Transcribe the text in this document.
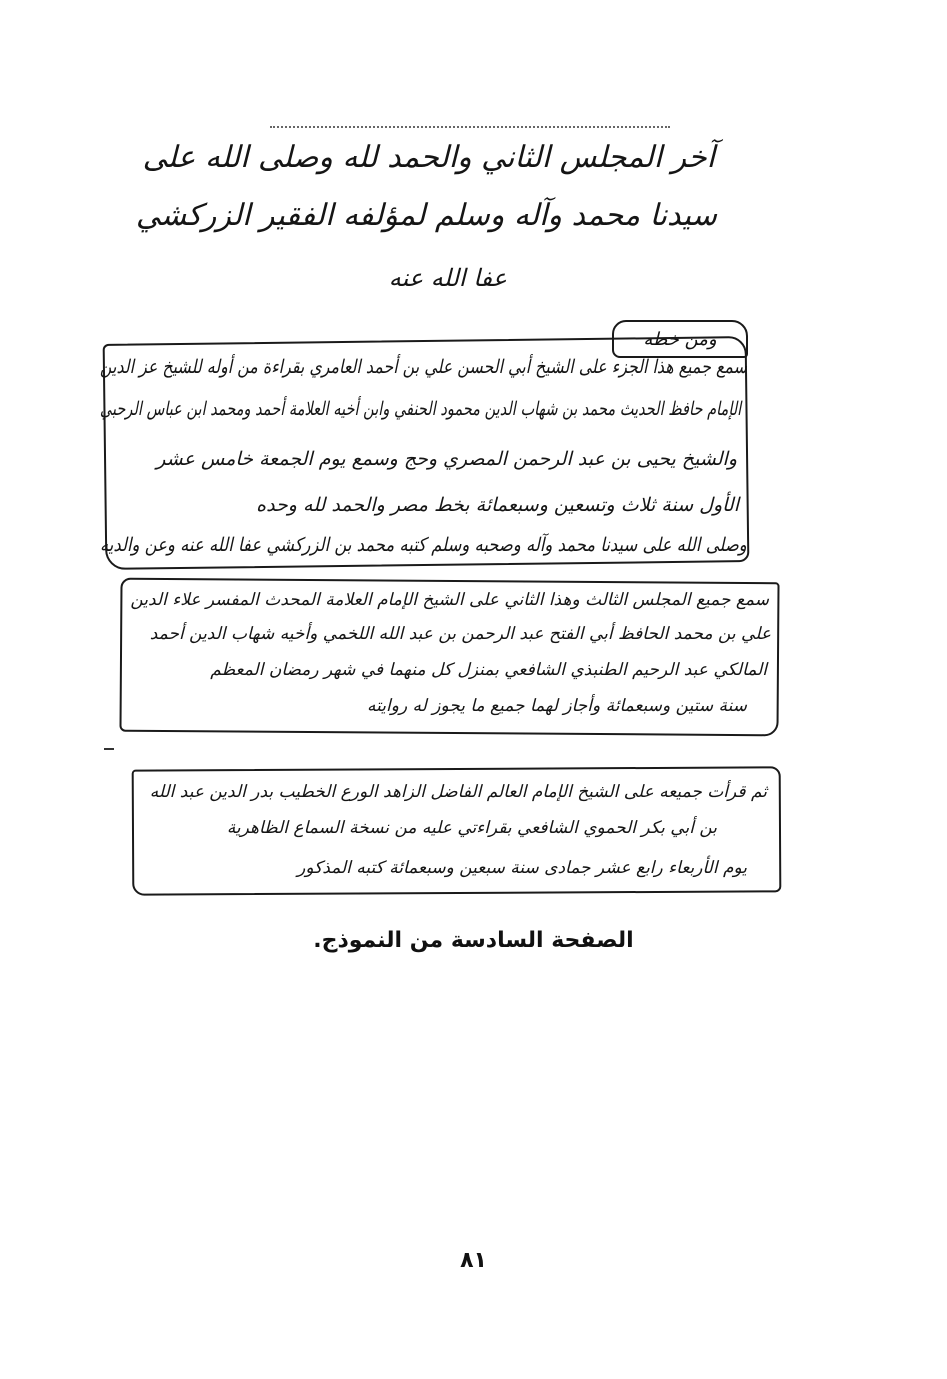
آخر المجلس الثاني والحمد لله وصلى الله على
سيدنا محمد وآله وسلم لمؤلفه الفقير الزركشي
عفا الله عنه
ومن خطه
سمع جميع هذا الجزء على الشيخ أبي الحسن علي بن أحمد العامري بقراءة من أوله للشيخ عز الدين
الإمام حافظ الحديث محمد بن شهاب الدين محمود الحنفي وابن أخيه العلامة أحمد ومحمد ابن عباس الرحبي
والشيخ يحيى بن عبد الرحمن المصري وحج وسمع يوم الجمعة خامس عشر
الأول سنة ثلاث وتسعين وسبعمائة بخط مصر والحمد لله وحده
وصلى الله على سيدنا محمد وآله وصحبه وسلم كتبه محمد بن الزركشي عفا الله عنه وعن والديه
سمع جميع المجلس الثالث وهذا الثاني على الشيخ الإمام العلامة المحدث المفسر علاء الدين
علي بن محمد الحافظ أبي الفتح عبد الرحمن بن عبد الله اللخمي وأخيه شهاب الدين أحمد
المالكي عبد الرحيم الطنبذي الشافعي بمنزل كل منهما في شهر رمضان المعظم
سنة ستين وسبعمائة وأجاز لهما جميع ما يجوز له روايته
ثم قرأت جميعه على الشيخ الإمام العالم الفاضل الزاهد الورع الخطيب بدر الدين عبد الله
بن أبي بكر الحموي الشافعي بقراءتي عليه من نسخة السماع الظاهرية
يوم الأربعاء رابع عشر جمادى سنة سبعين وسبعمائة كتبه المذكور
الصفحة السادسة من النموذج.
٨١
